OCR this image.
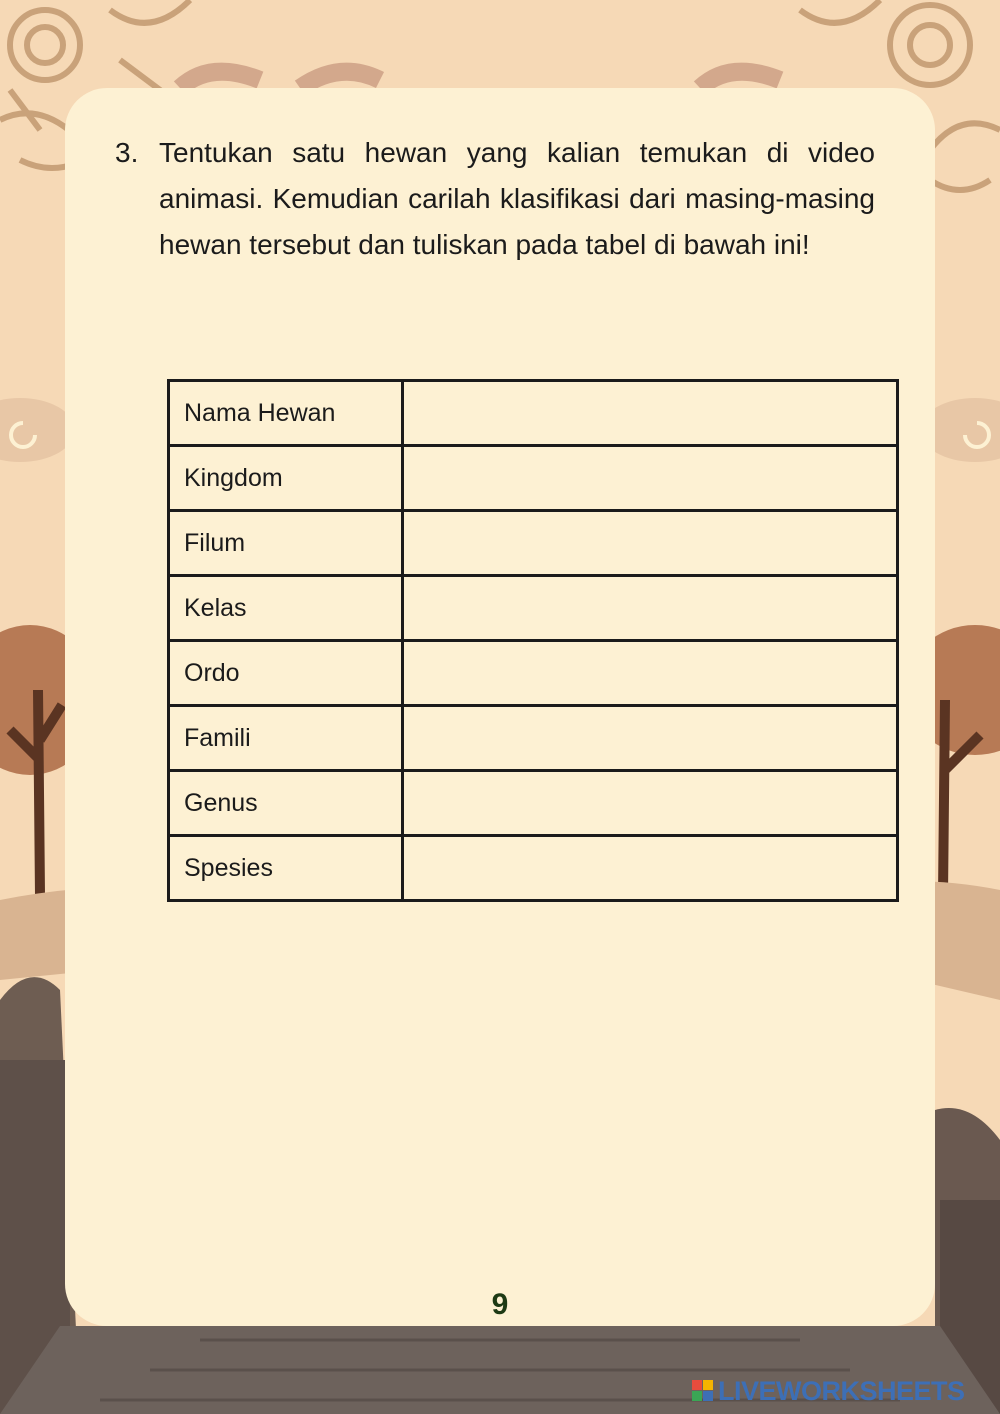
3. Tentukan satu hewan yang kalian temukan di video animasi. Kemudian carilah klasifikasi dari masing-masing hewan tersebut dan tuliskan pada tabel di bawah ini!
Nama Hewan	
Kingdom	
Filum	
Kelas	
Ordo	
Famili	
Genus	
Spesies	
9
LIVEWORKSHEETS
